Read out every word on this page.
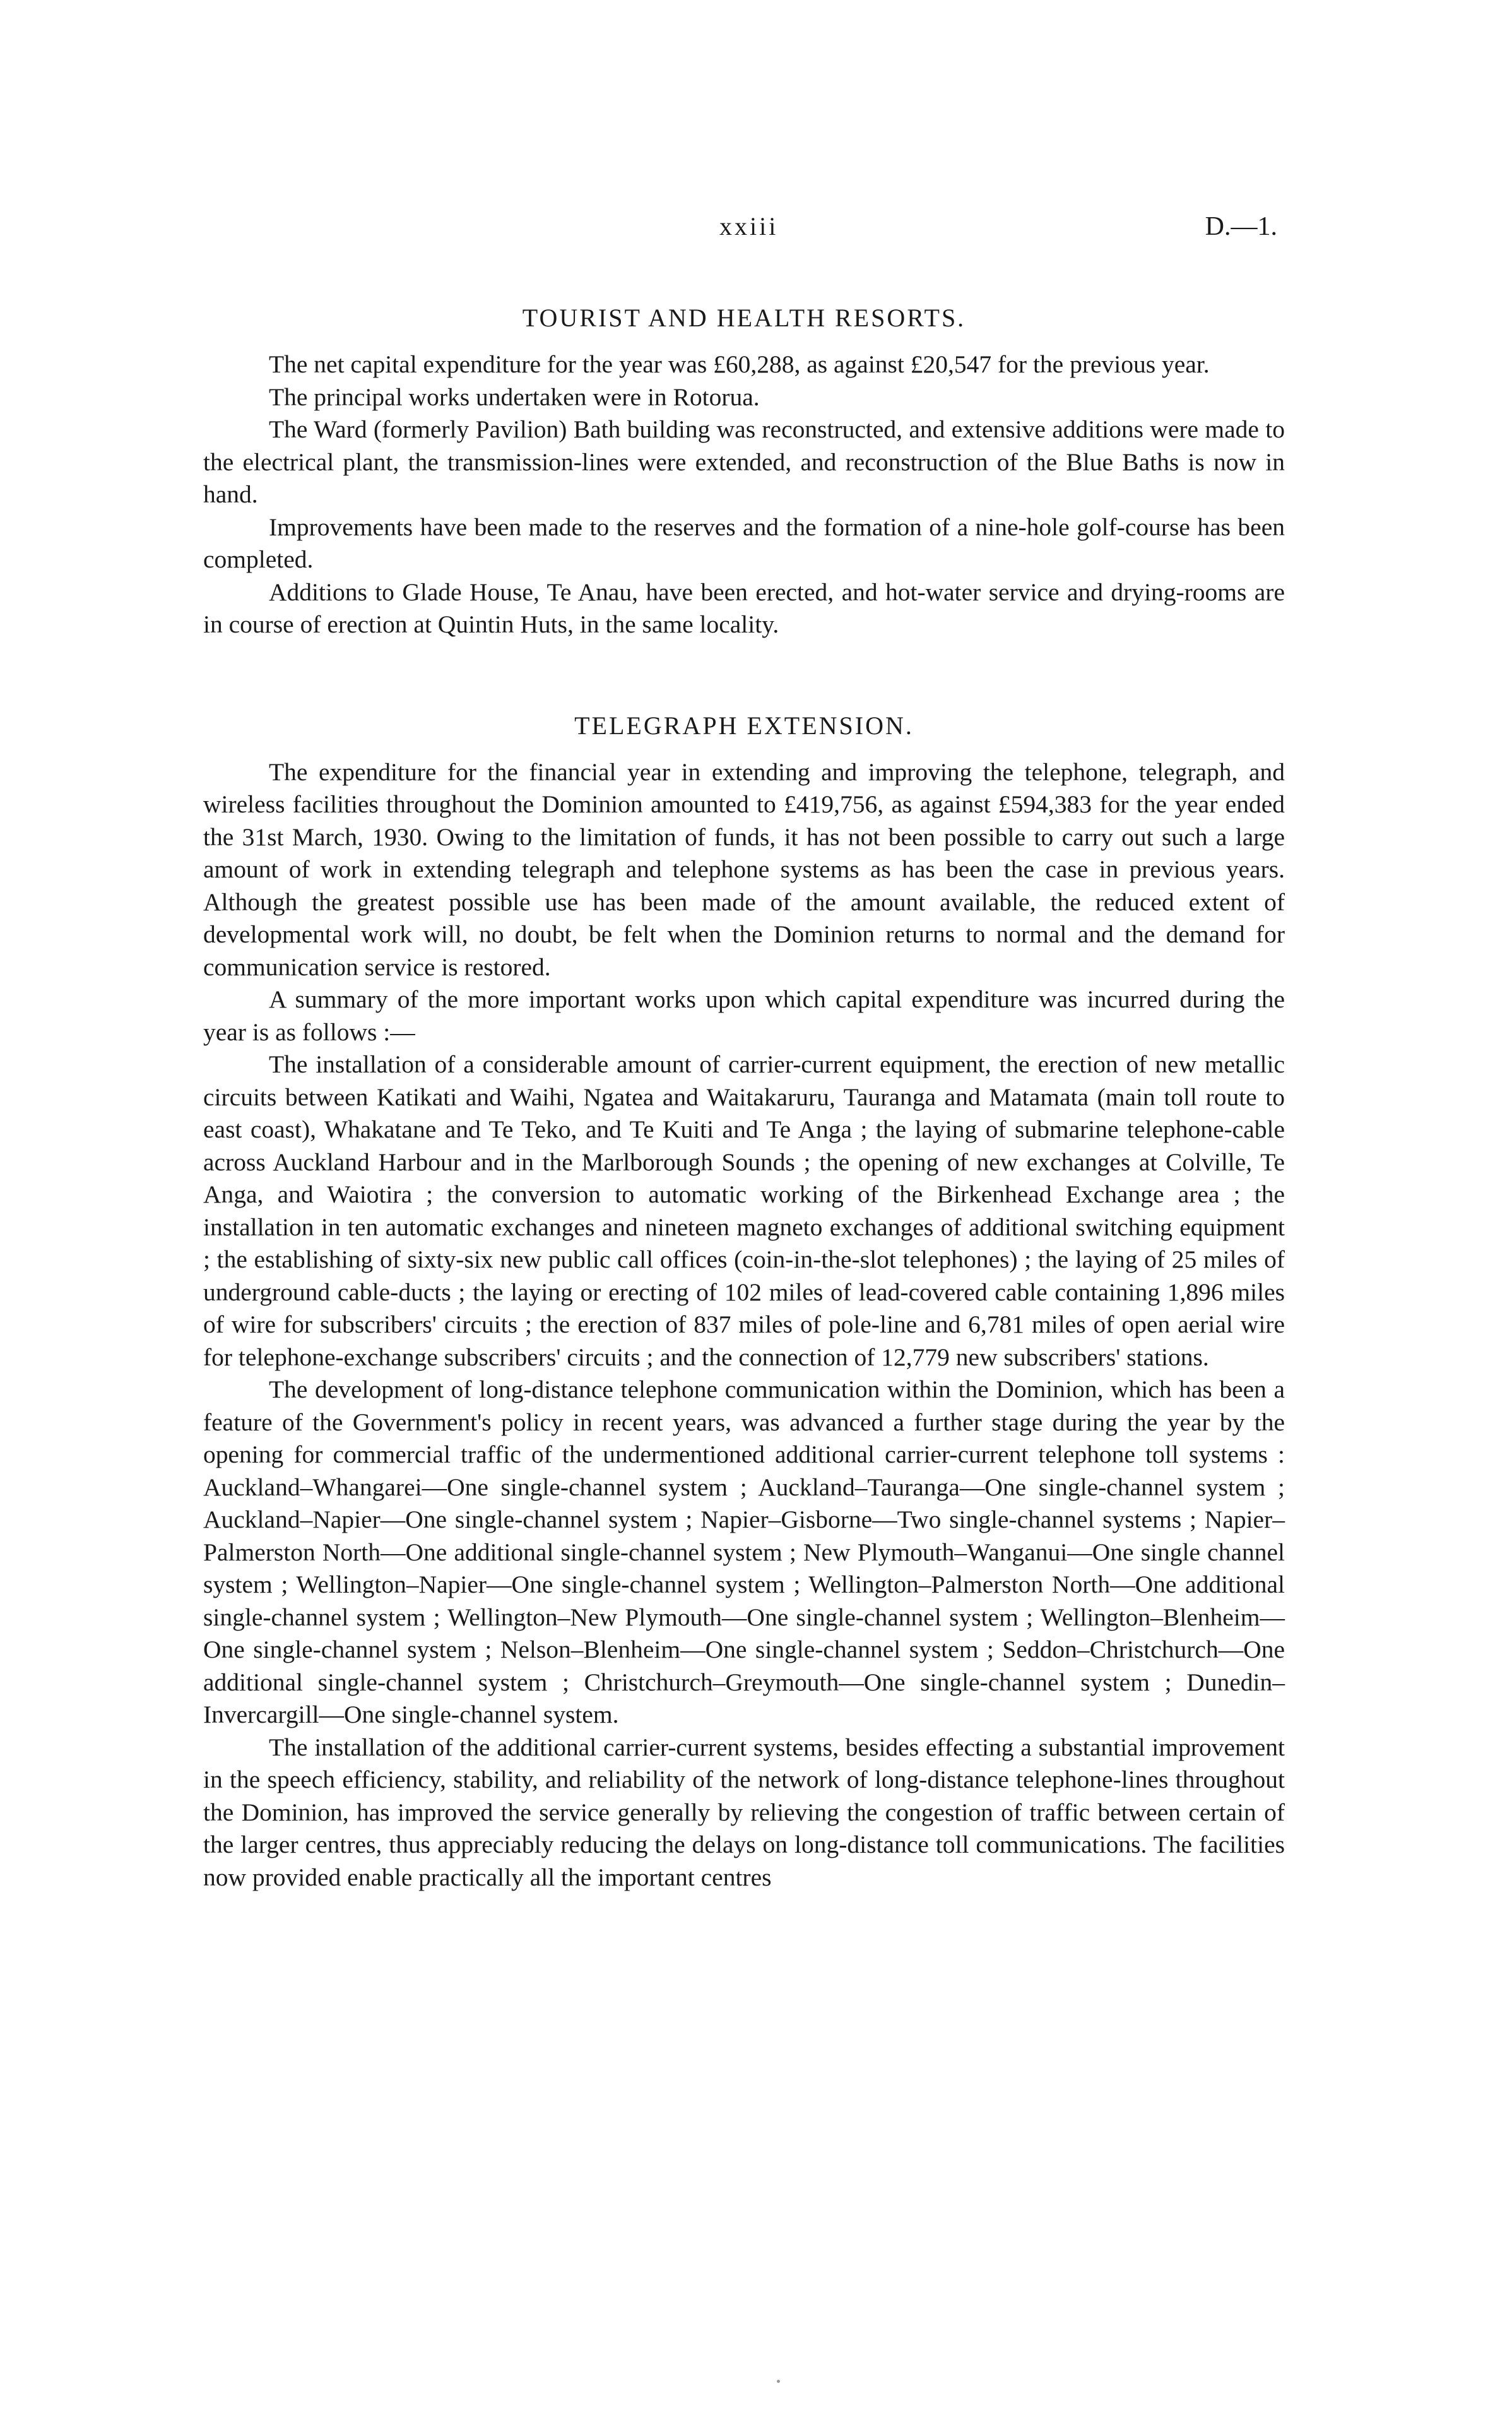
xxiii	D.—1.
TOURIST AND HEALTH RESORTS.

The net capital expenditure for the year was £60,288, as against £20,547 for the previous year.

The principal works undertaken were in Rotorua.

The Ward (formerly Pavilion) Bath building was reconstructed, and extensive additions were made to the electrical plant, the transmission-lines were extended, and reconstruction of the Blue Baths is now in hand.

Improvements have been made to the reserves and the formation of a nine-hole golf-course has been completed.

Additions to Glade House, Te Anau, have been erected, and hot-water service and drying-rooms are in course of erection at Quintin Huts, in the same locality.

TELEGRAPH EXTENSION.

The expenditure for the financial year in extending and improving the telephone, telegraph, and wireless facilities throughout the Dominion amounted to £419,756, as against £594,383 for the year ended the 31st March, 1930. Owing to the limitation of funds, it has not been possible to carry out such a large amount of work in extending telegraph and telephone systems as has been the case in previous years. Although the greatest possible use has been made of the amount available, the reduced extent of developmental work will, no doubt, be felt when the Dominion returns to normal and the demand for communication service is restored.

A summary of the more important works upon which capital expenditure was incurred during the year is as follows :—

The installation of a considerable amount of carrier-current equipment, the erection of new metallic circuits between Katikati and Waihi, Ngatea and Waitakaruru, Tauranga and Matamata (main toll route to east coast), Whakatane and Te Teko, and Te Kuiti and Te Anga ; the laying of submarine telephone-cable across Auckland Harbour and in the Marlborough Sounds ; the opening of new exchanges at Colville, Te Anga, and Waiotira ; the conversion to automatic working of the Birkenhead Exchange area ; the installation in ten automatic exchanges and nineteen magneto exchanges of additional switching equipment ; the establishing of sixty-six new public call offices (coin-in-the-slot telephones) ; the laying of 25 miles of underground cable-ducts ; the laying or erecting of 102 miles of lead-covered cable containing 1,896 miles of wire for subscribers' circuits ; the erection of 837 miles of pole-line and 6,781 miles of open aerial wire for telephone-exchange subscribers' circuits ; and the connection of 12,779 new subscribers' stations.

The development of long-distance telephone communication within the Dominion, which has been a feature of the Government's policy in recent years, was advanced a further stage during the year by the opening for commercial traffic of the undermentioned additional carrier-current telephone toll systems : Auckland–Whangarei—One single-channel system ; Auckland–Tauranga—One single-channel system ; Auckland–Napier—One single-channel system ; Napier–Gisborne—Two single-channel systems ; Napier–Palmerston North—One additional single-channel system ; New Plymouth–Wanganui—One single channel system ; Wellington–Napier—One single-channel system ; Wellington–Palmerston North—One additional single-channel system ; Wellington–New Plymouth—One single-channel system ; Wellington–Blenheim—One single-channel system ; Nelson–Blenheim—One single-channel system ; Seddon–Christchurch—One additional single-channel system ; Christchurch–Greymouth—One single-channel system ; Dunedin–Invercargill—One single-channel system.

The installation of the additional carrier-current systems, besides effecting a substantial improvement in the speech efficiency, stability, and reliability of the network of long-distance telephone-lines throughout the Dominion, has improved the service generally by relieving the congestion of traffic between certain of the larger centres, thus appreciably reducing the delays on long-distance toll communications. The facilities now provided enable practically all the important centres
